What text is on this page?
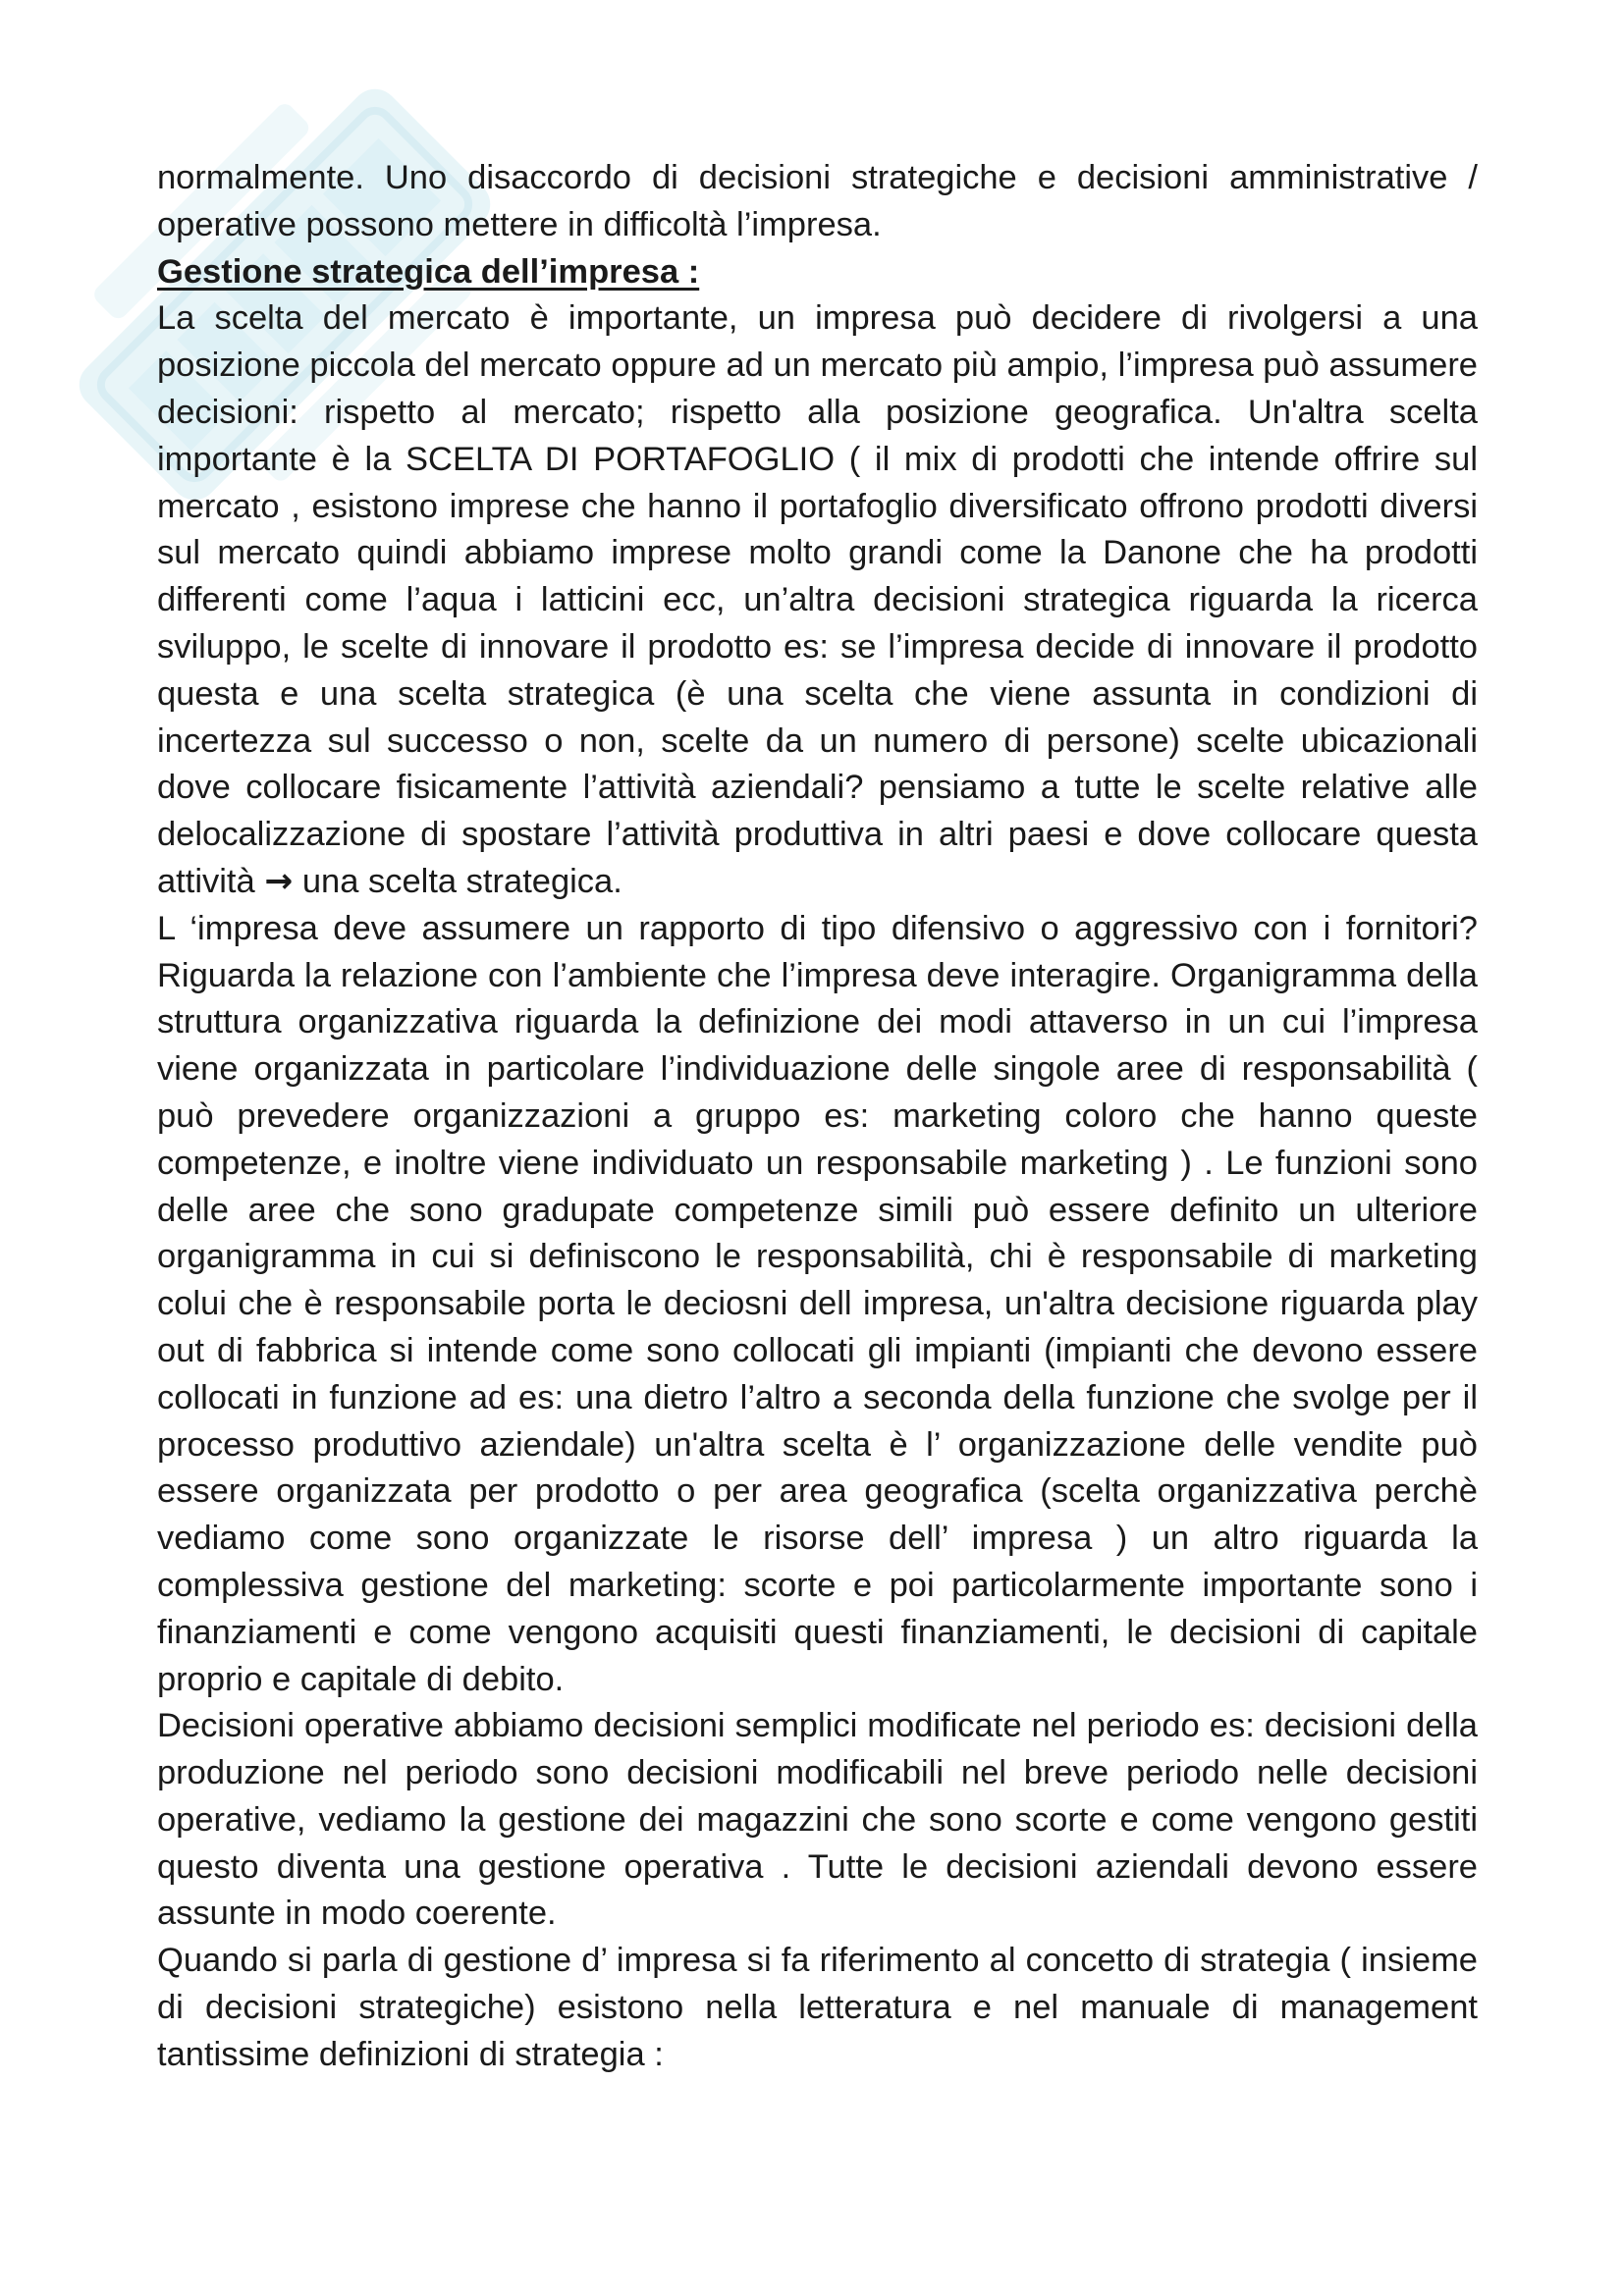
normalmente. Uno disaccordo di decisioni strategiche e decisioni amministrative / operative possono mettere in difficoltà l’impresa.

Gestione strategica dell’impresa :

La scelta del mercato è importante, un impresa può decidere di rivolgersi a una posizione piccola del mercato oppure ad un mercato più ampio, l’impresa può assumere decisioni: rispetto al mercato; rispetto alla posizione geografica. Un'altra scelta importante è la SCELTA DI PORTAFOGLIO ( il mix di prodotti che intende offrire sul mercato , esistono imprese che hanno il portafoglio diversificato offrono prodotti diversi sul mercato quindi abbiamo imprese molto grandi come la Danone che ha prodotti differenti come l’aqua i latticini ecc, un’altra decisioni strategica riguarda la ricerca sviluppo, le scelte di innovare il prodotto es: se l’impresa decide di innovare il prodotto questa e una scelta strategica (è una scelta che viene assunta in condizioni di incertezza sul successo o non, scelte da un numero di persone) scelte ubicazionali dove collocare fisicamente l’attività aziendali? pensiamo a tutte le scelte relative alle delocalizzazione di spostare l’attività produttiva in altri paesi e dove collocare questa attività → una scelta strategica.

L ‘impresa deve assumere un rapporto di tipo difensivo o aggressivo con i fornitori? Riguarda la relazione con l’ambiente che l’impresa deve interagire. Organigramma della struttura organizzativa riguarda la definizione dei modi attaverso in un cui l’impresa viene organizzata in particolare l’individuazione delle singole aree di responsabilità ( può prevedere organizzazioni a gruppo es: marketing coloro che hanno queste competenze, e inoltre viene individuato un responsabile marketing ) . Le funzioni sono delle aree che sono gradupate competenze simili può essere definito un ulteriore organigramma in cui si definiscono le responsabilità, chi è responsabile di marketing colui che è responsabile porta le deciosni dell impresa, un'altra decisione riguarda play out di fabbrica si intende come sono collocati gli impianti (impianti che devono essere collocati in funzione ad es: una dietro l’altro a seconda della funzione che svolge per il processo produttivo aziendale) un'altra scelta è l’ organizzazione delle vendite può essere organizzata per prodotto o per area geografica (scelta organizzativa perchè vediamo come sono organizzate le risorse dell’ impresa ) un altro riguarda la complessiva gestione del marketing: scorte e poi particolarmente importante sono i finanziamenti e come vengono acquisiti questi finanziamenti, le decisioni di capitale proprio e capitale di debito.

Decisioni operative abbiamo decisioni semplici modificate nel periodo es: decisioni della produzione nel periodo sono decisioni modificabili nel breve periodo nelle decisioni operative, vediamo la gestione dei magazzini che sono scorte e come vengono gestiti questo diventa una gestione operativa . Tutte le decisioni aziendali devono essere assunte in modo coerente.

Quando si parla di gestione d’ impresa si fa riferimento al concetto di strategia ( insieme di decisioni strategiche) esistono nella letteratura e nel manuale di management tantissime definizioni di strategia :
